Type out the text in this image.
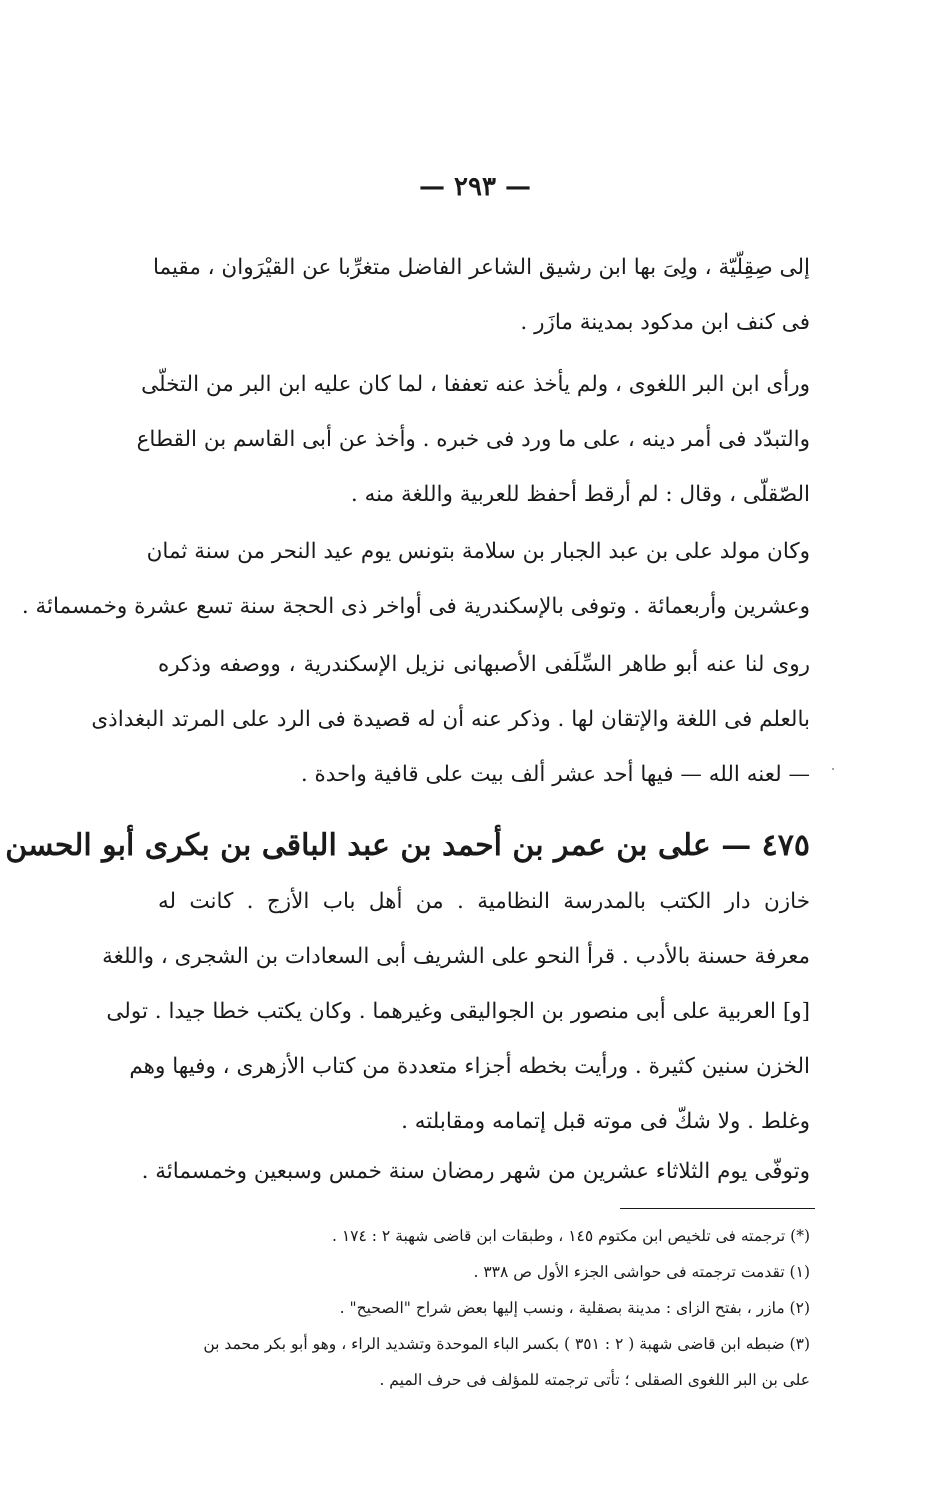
— ٢٩٣ —
إلى صِقِلّيّة ، ولِىَ بها ابن رشيق الشاعر الفاضل متغرِّبا عن القيْرَوان ، مقيما
فى كنف ابن مدكود بمدينة مازَر .
ورأى ابن البر اللغوى ، ولم يأخذ عنه تعففا ، لما كان عليه ابن البر من التخلّى
والتبدّد فى أمر دينه ، على ما ورد فى خبره . وأخذ عن أبى القاسم بن القطاع
الصّقلّى ، وقال : لم أرقط أحفظ للعربية واللغة منه .
وكان مولد على بن عبد الجبار بن سلامة بتونس يوم عيد النحر من سنة ثمان
وعشرين وأربعمائة . وتوفى بالإسكندرية فى أواخر ذى الحجة سنة تسع عشرة وخمسمائة .
روى لنا عنه أبو طاهر السِّلَفى الأصبهانى نزيل الإسكندرية ، ووصفه وذكره
بالعلم فى اللغة والإتقان لها . وذكر عنه أن له قصيدة فى الرد على المرتد البغداذى
— لعنه الله — فيها أحد عشر ألف بيت على قافية واحدة .
٤٧٥ — على بن عمر بن أحمد بن عبد الباقى بن بكرى أبو الحسن
خازن دار الكتب بالمدرسة النظامية . من أهل باب الأزج . كانت له
معرفة حسنة بالأدب . قرأ النحو على الشريف أبى السعادات بن الشجرى ، واللغة
[و] العربية على أبى منصور بن الجواليقى وغيرهما . وكان يكتب خطا جيدا . تولى
الخزن سنين كثيرة . ورأيت بخطه أجزاء متعددة من كتاب الأزهرى ، وفيها وهم
وغلط . ولا شكّ فى موته قبل إتمامه ومقابلته .
وتوفّى يوم الثلاثاء عشرين من شهر رمضان سنة خمس وسبعين وخمسمائة .
(*) ترجمته فى تلخيص ابن مكتوم ١٤٥ ، وطبقات ابن قاضى شهبة ٢ : ١٧٤ .
(١) تقدمت ترجمته فى حواشى الجزء الأول ص ٣٣٨ .
(٢) مازر ، بفتح الزاى : مدينة بصقلية ، ونسب إليها بعض شراح "الصحيح" .
(٣) ضبطه ابن قاضى شهبة ( ٢ : ٣٥١ ) بكسر الباء الموحدة وتشديد الراء ، وهو أبو بكر محمد بن
على بن البر اللغوى الصقلى ؛ تأتى ترجمته للمؤلف فى حرف الميم .
